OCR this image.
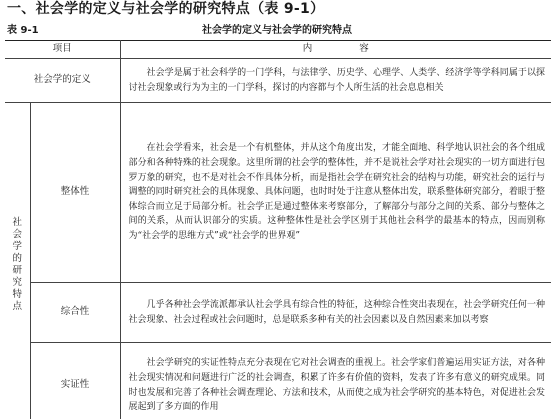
一、社会学的定义与社会学的研究特点（表 9-1）
表 9-1	社会学的定义与社会学的研究特点
项目		内 容
社会学的定义		社会学是属于社会科学的一门学科，与法律学、历史学、心理学、人类学、经济学等学科同属于以探讨社会现象或行为为主的一门学科，探讨的内容都与个人所生活的社会息息相关

社会学的研究特点	整体性	在社会学看来，社会是一个有机整体，并从这个角度出发，才能全面地、科学地认识社会的各个组成部分和各种特殊的社会现象。这里所谓的社会学的整体性，并不是说社会学对社会现实的一切方面进行包罗万象的研究，也不是对社会不作具体分析，而是指社会学在研究社会的结构与功能，研究社会的运行与调整的同时研究社会的具体现象、具体问题，也时时处于注意从整体出发，联系整体研究部分，着眼于整体综合而立足于局部分析。社会学正是通过整体来考察部分，了解部分与部分之间的关系、部分与整体之间的关系，从而认识部分的实质。这种整体性是社会学区别于其他社会科学的最基本的特点，因而别称为“社会学的思维方式”或“社会学的世界观”

	综合性	几乎各种社会学流派都承认社会学具有综合性的特征，这种综合性突出表现在，社会学研究任何一种社会现象、社会过程或社会问题时，总是联系多种有关的社会因素以及自然因素来加以考察

	实证性	社会学研究的实证性特点充分表现在它对社会调查的重视上。社会学家们普遍运用实证方法，对各种社会现实情况和问题进行广泛的社会调查，积累了许多有价值的资料，发表了许多有意义的研究成果。同时也发展和完善了各种社会调查理论、方法和技术，从而使之成为社会学研究的基本特色，对促进社会发展起到了多方面的作用
